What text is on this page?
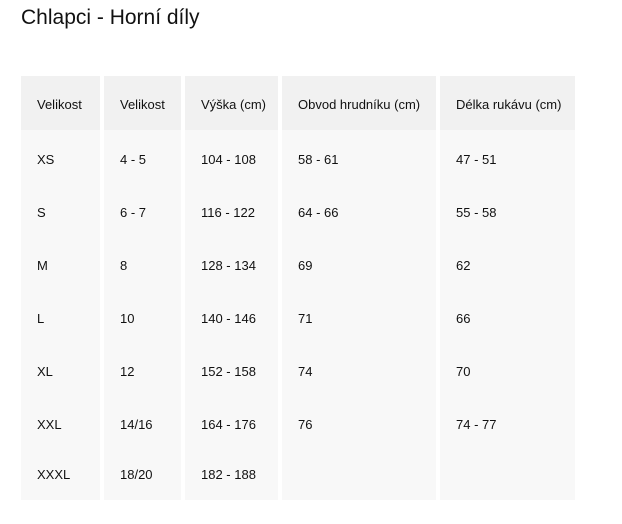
Chlapci - Horní díly
Velikost	Velikost	Výška (cm)	Obvod hrudníku (cm)	Délka rukávu (cm)
XS	4 - 5	104 - 108	58 - 61	47 - 51
S	6 - 7	116 - 122	64 - 66	55 - 58
M	8	128 - 134	69	62
L	10	140 - 146	71	66
XL	12	152 - 158	74	70
XXL	14/16	164 - 176	76	74 - 77
XXXL	18/20	182 - 188		
